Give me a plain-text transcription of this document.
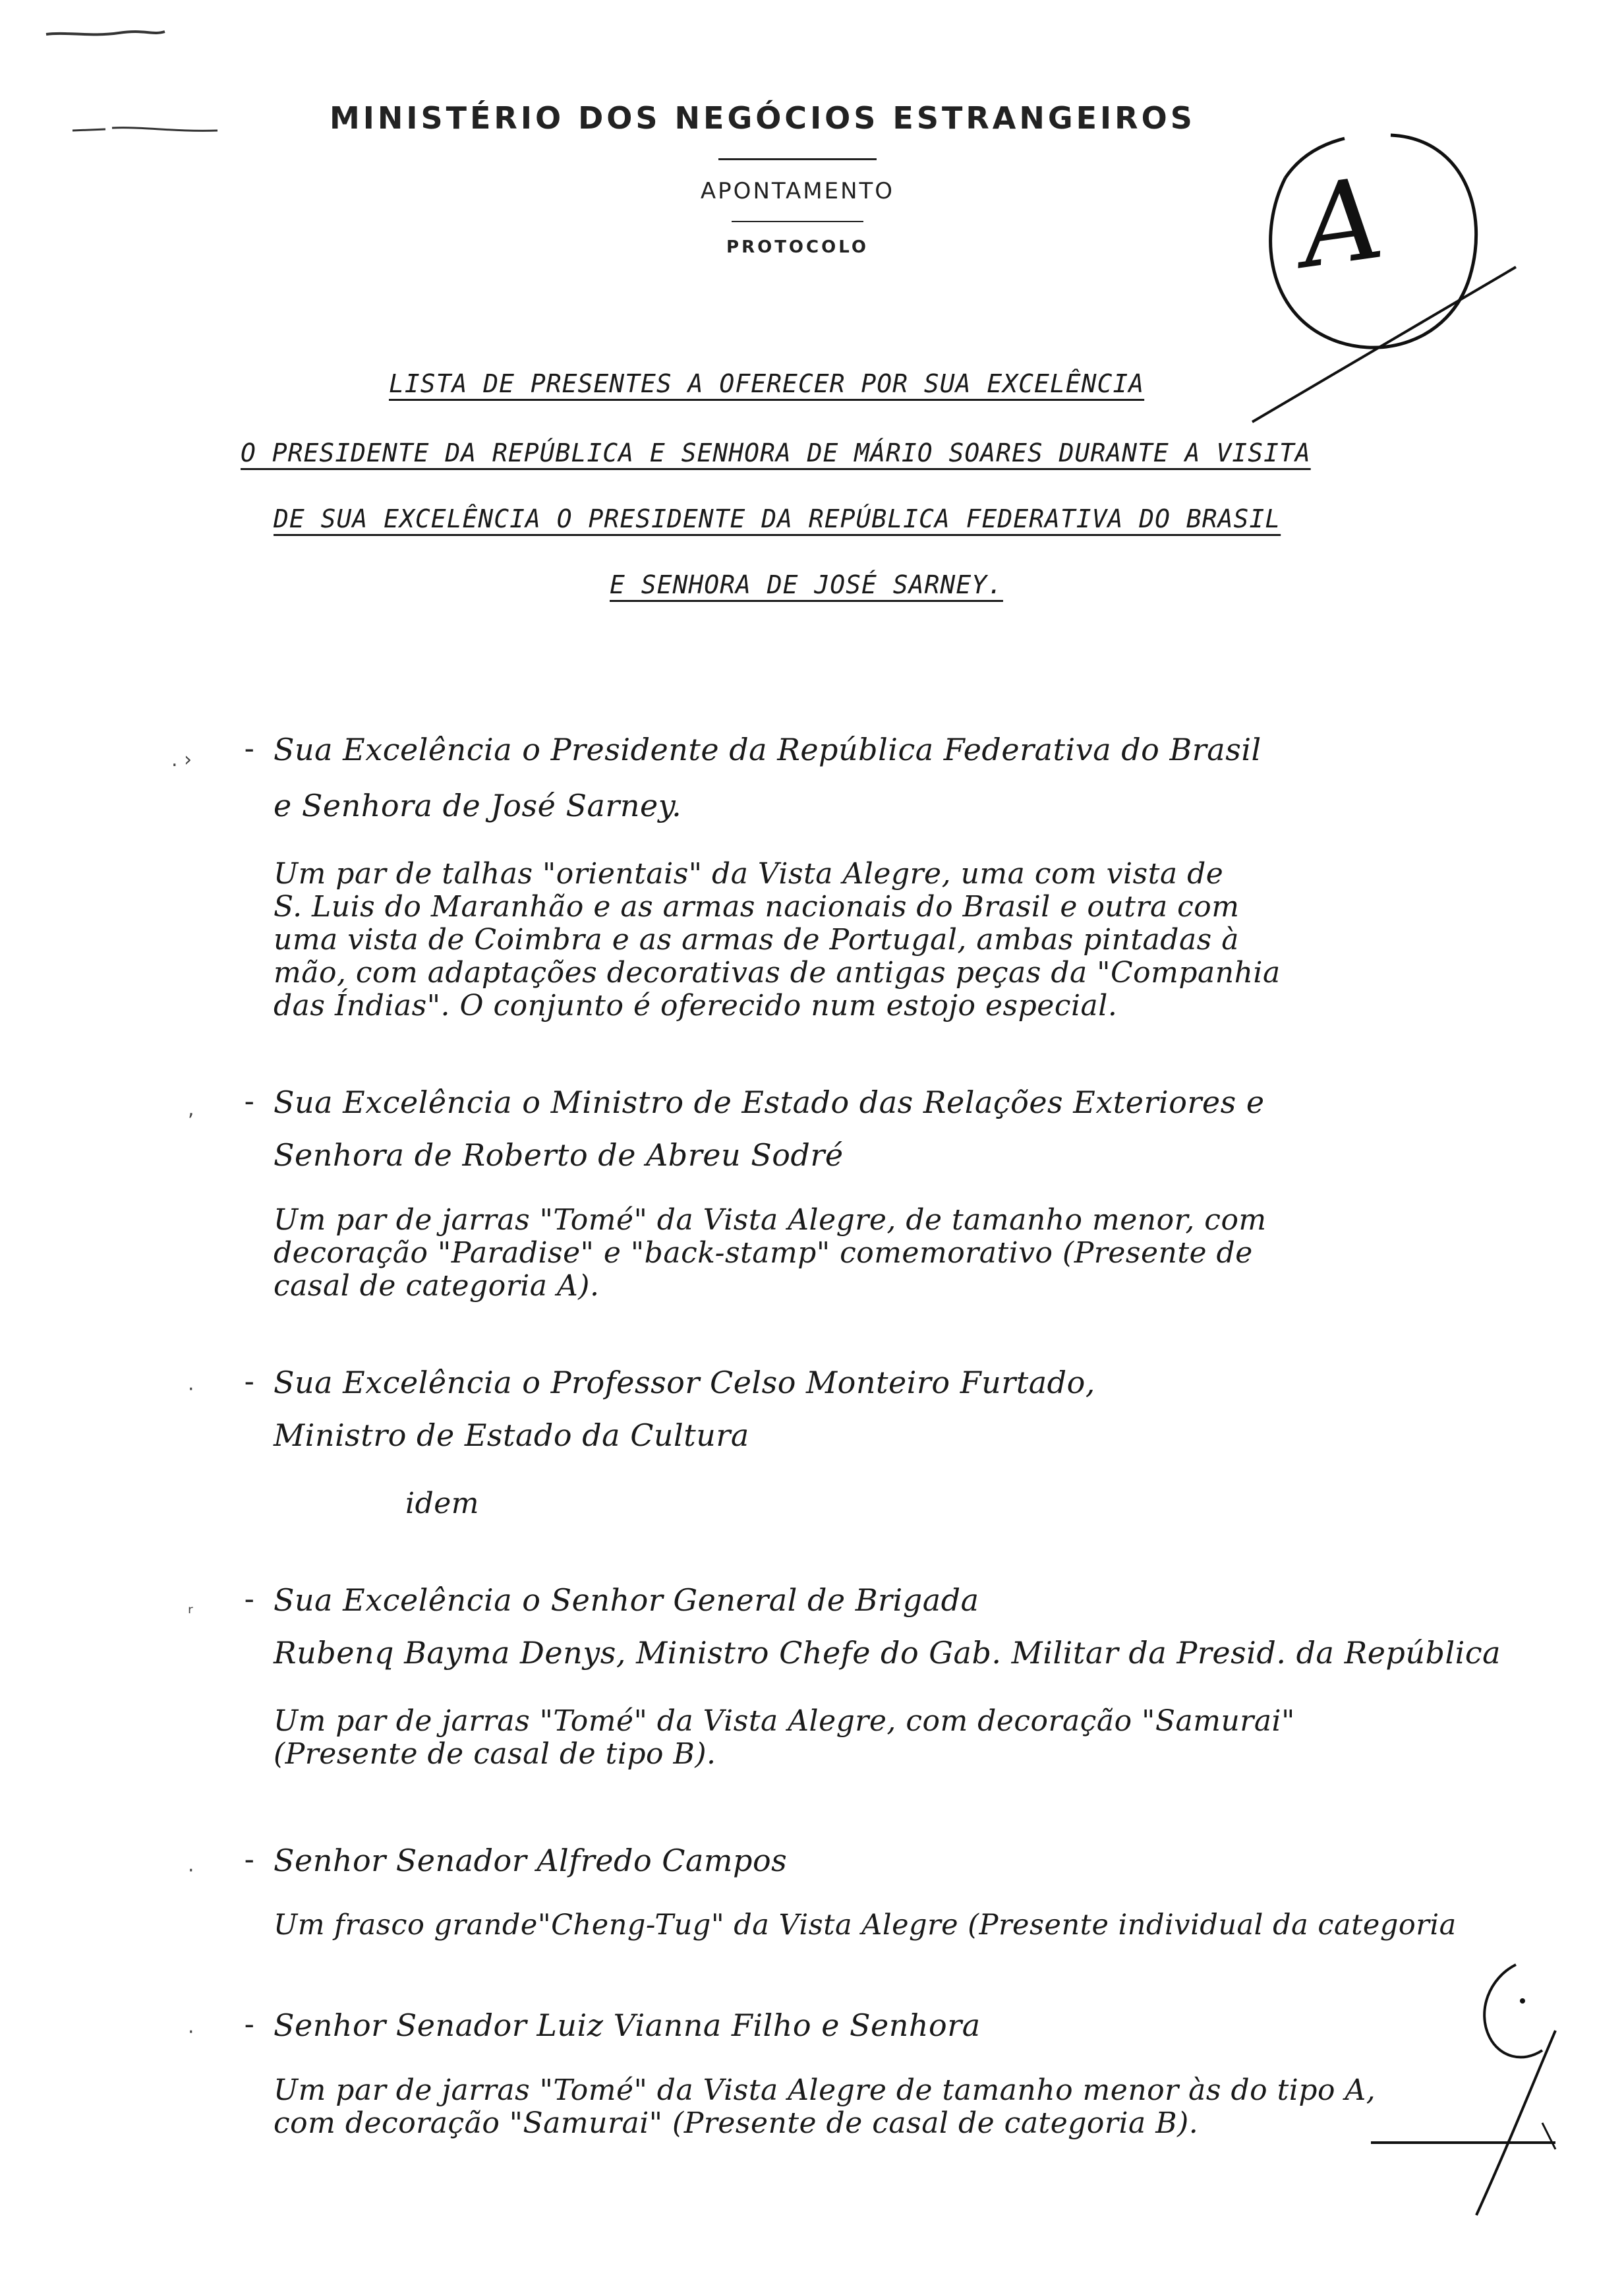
MINISTÉRIO DOS NEGÓCIOS ESTRANGEIROS
APONTAMENTO
PROTOCOLO	A
LISTA DE PRESENTES A OFERECER POR SUA EXCELÊNCIA
O PRESIDENTE DA REPÚBLICA E SENHORA DE MÁRIO SOARES DURANTE A VISITA
DE SUA EXCELÊNCIA O PRESIDENTE DA REPÚBLICA FEDERATIVA DO BRASIL
E SENHORA DE JOSÉ SARNEY.
. › - Sua Excelência o Presidente da República Federativa do Brasil
e Senhora de José Sarney.
Um par de talhas "orientais" da Vista Alegre, uma com vista de
S. Luis do Maranhão e as armas nacionais do Brasil e outra com
uma vista de Coimbra e as armas de Portugal, ambas pintadas à
mão, com adaptações decorativas de antigas peças da "Companhia
das Índias". O conjunto é oferecido num estojo especial.
, - Sua Excelência o Ministro de Estado das Relações Exteriores e
Senhora de Roberto de Abreu Sodré
Um par de jarras "Tomé" da Vista Alegre, de tamanho menor, com
decoração "Paradise" e "back-stamp" comemorativo (Presente de
casal de categoria A).
· - Sua Excelência o Professor Celso Monteiro Furtado,
Ministro de Estado da Cultura
idem
ᵣ - Sua Excelência o Senhor General de Brigada
Rubenq Bayma Denys, Ministro Chefe do Gab. Militar da Presid. da República
Um par de jarras "Tomé" da Vista Alegre, com decoração "Samurai"
(Presente de casal de tipo B).
· - Senhor Senador Alfredo Campos
Um frasco grande"Cheng-Tug" da Vista Alegre (Presente individual da categoria
· - Senhor Senador Luiz Vianna Filho e Senhora
Um par de jarras "Tomé" da Vista Alegre de tamanho menor às do tipo A,
com decoração "Samurai" (Presente de casal de categoria B).
